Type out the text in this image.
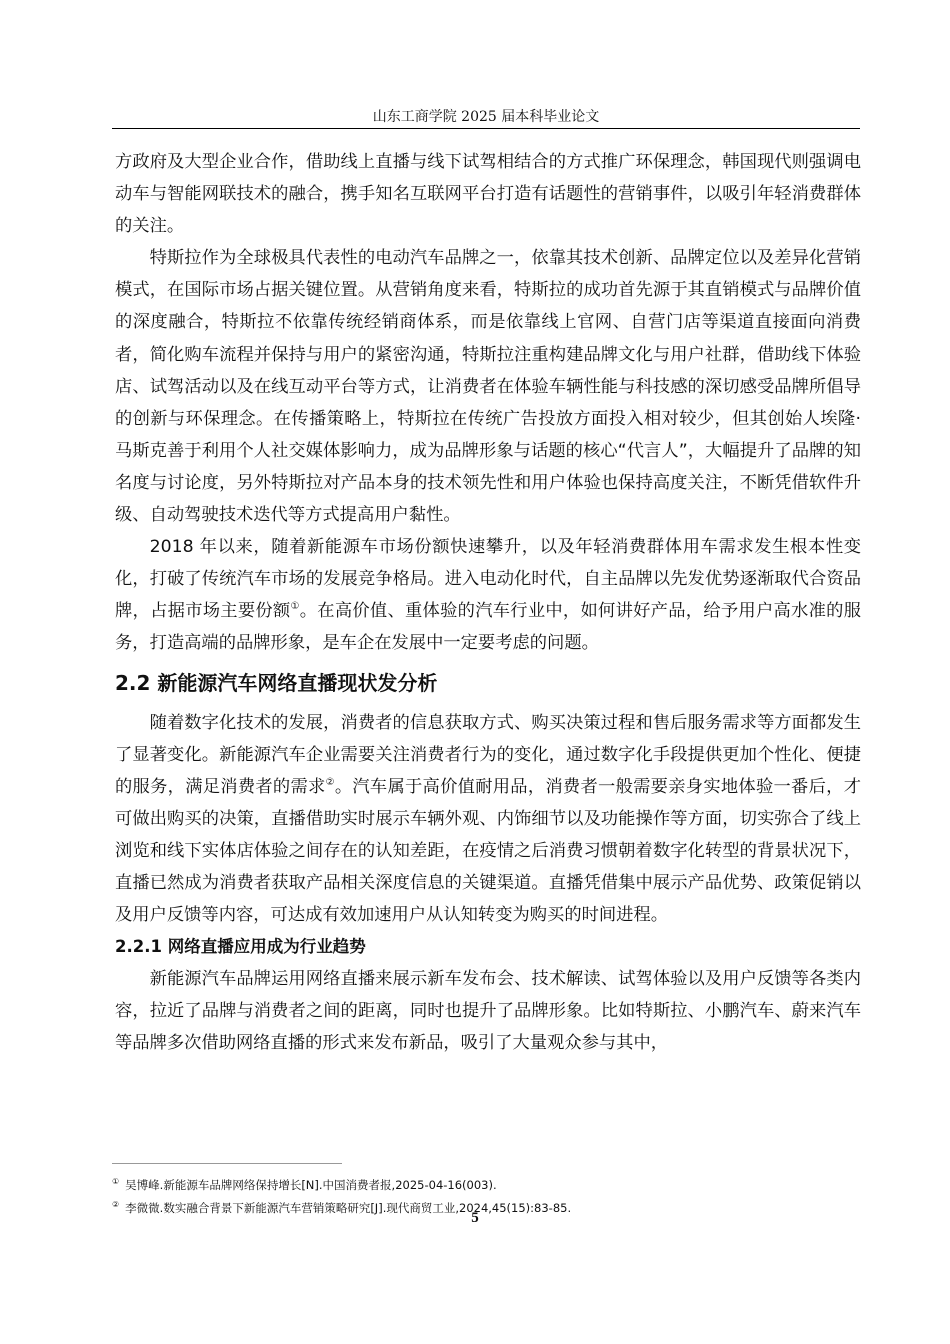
山东工商学院 2025 届本科毕业论文

方政府及大型企业合作，借助线上直播与线下试驾相结合的方式推广环保理念，韩国现代则强调电动车与智能网联技术的融合，携手知名互联网平台打造有话题性的营销事件，以吸引年轻消费群体的关注。

特斯拉作为全球极具代表性的电动汽车品牌之一，依靠其技术创新、品牌定位以及差异化营销模式，在国际市场占据关键位置。从营销角度来看，特斯拉的成功首先源于其直销模式与品牌价值的深度融合，特斯拉不依靠传统经销商体系，而是依靠线上官网、自营门店等渠道直接面向消费者，简化购车流程并保持与用户的紧密沟通，特斯拉注重构建品牌文化与用户社群，借助线下体验店、试驾活动以及在线互动平台等方式，让消费者在体验车辆性能与科技感的深切感受品牌所倡导的创新与环保理念。在传播策略上，特斯拉在传统广告投放方面投入相对较少，但其创始人埃隆·马斯克善于利用个人社交媒体影响力，成为品牌形象与话题的核心“代言人”，大幅提升了品牌的知名度与讨论度，另外特斯拉对产品本身的技术领先性和用户体验也保持高度关注，不断凭借软件升级、自动驾驶技术迭代等方式提高用户黏性。

2018 年以来，随着新能源车市场份额快速攀升，以及年轻消费群体用车需求发生根本性变化，打破了传统汽车市场的发展竞争格局。进入电动化时代，自主品牌以先发优势逐渐取代合资品牌，占据市场主要份额①。在高价值、重体验的汽车行业中，如何讲好产品，给予用户高水准的服务，打造高端的品牌形象，是车企在发展中一定要考虑的问题。

2.2 新能源汽车网络直播现状发分析

随着数字化技术的发展，消费者的信息获取方式、购买决策过程和售后服务需求等方面都发生了显著变化。新能源汽车企业需要关注消费者行为的变化，通过数字化手段提供更加个性化、便捷的服务，满足消费者的需求②。汽车属于高价值耐用品，消费者一般需要亲身实地体验一番后，才可做出购买的决策，直播借助实时展示车辆外观、内饰细节以及功能操作等方面，切实弥合了线上浏览和线下实体店体验之间存在的认知差距，在疫情之后消费习惯朝着数字化转型的背景状况下，直播已然成为消费者获取产品相关深度信息的关键渠道。直播凭借集中展示产品优势、政策促销以及用户反馈等内容，可达成有效加速用户从认知转变为购买的时间进程。

2.2.1 网络直播应用成为行业趋势

新能源汽车品牌运用网络直播来展示新车发布会、技术解读、试驾体验以及用户反馈等各类内容，拉近了品牌与消费者之间的距离，同时也提升了品牌形象。比如特斯拉、小鹏汽车、蔚来汽车等品牌多次借助网络直播的形式来发布新品，吸引了大量观众参与其中，

① 吴博峰.新能源车品牌网络保持增长[N].中国消费者报,2025-04-16(003).

② 李微微.数实融合背景下新能源汽车营销策略研究[J].现代商贸工业,2024,45(15):83-85.

5
